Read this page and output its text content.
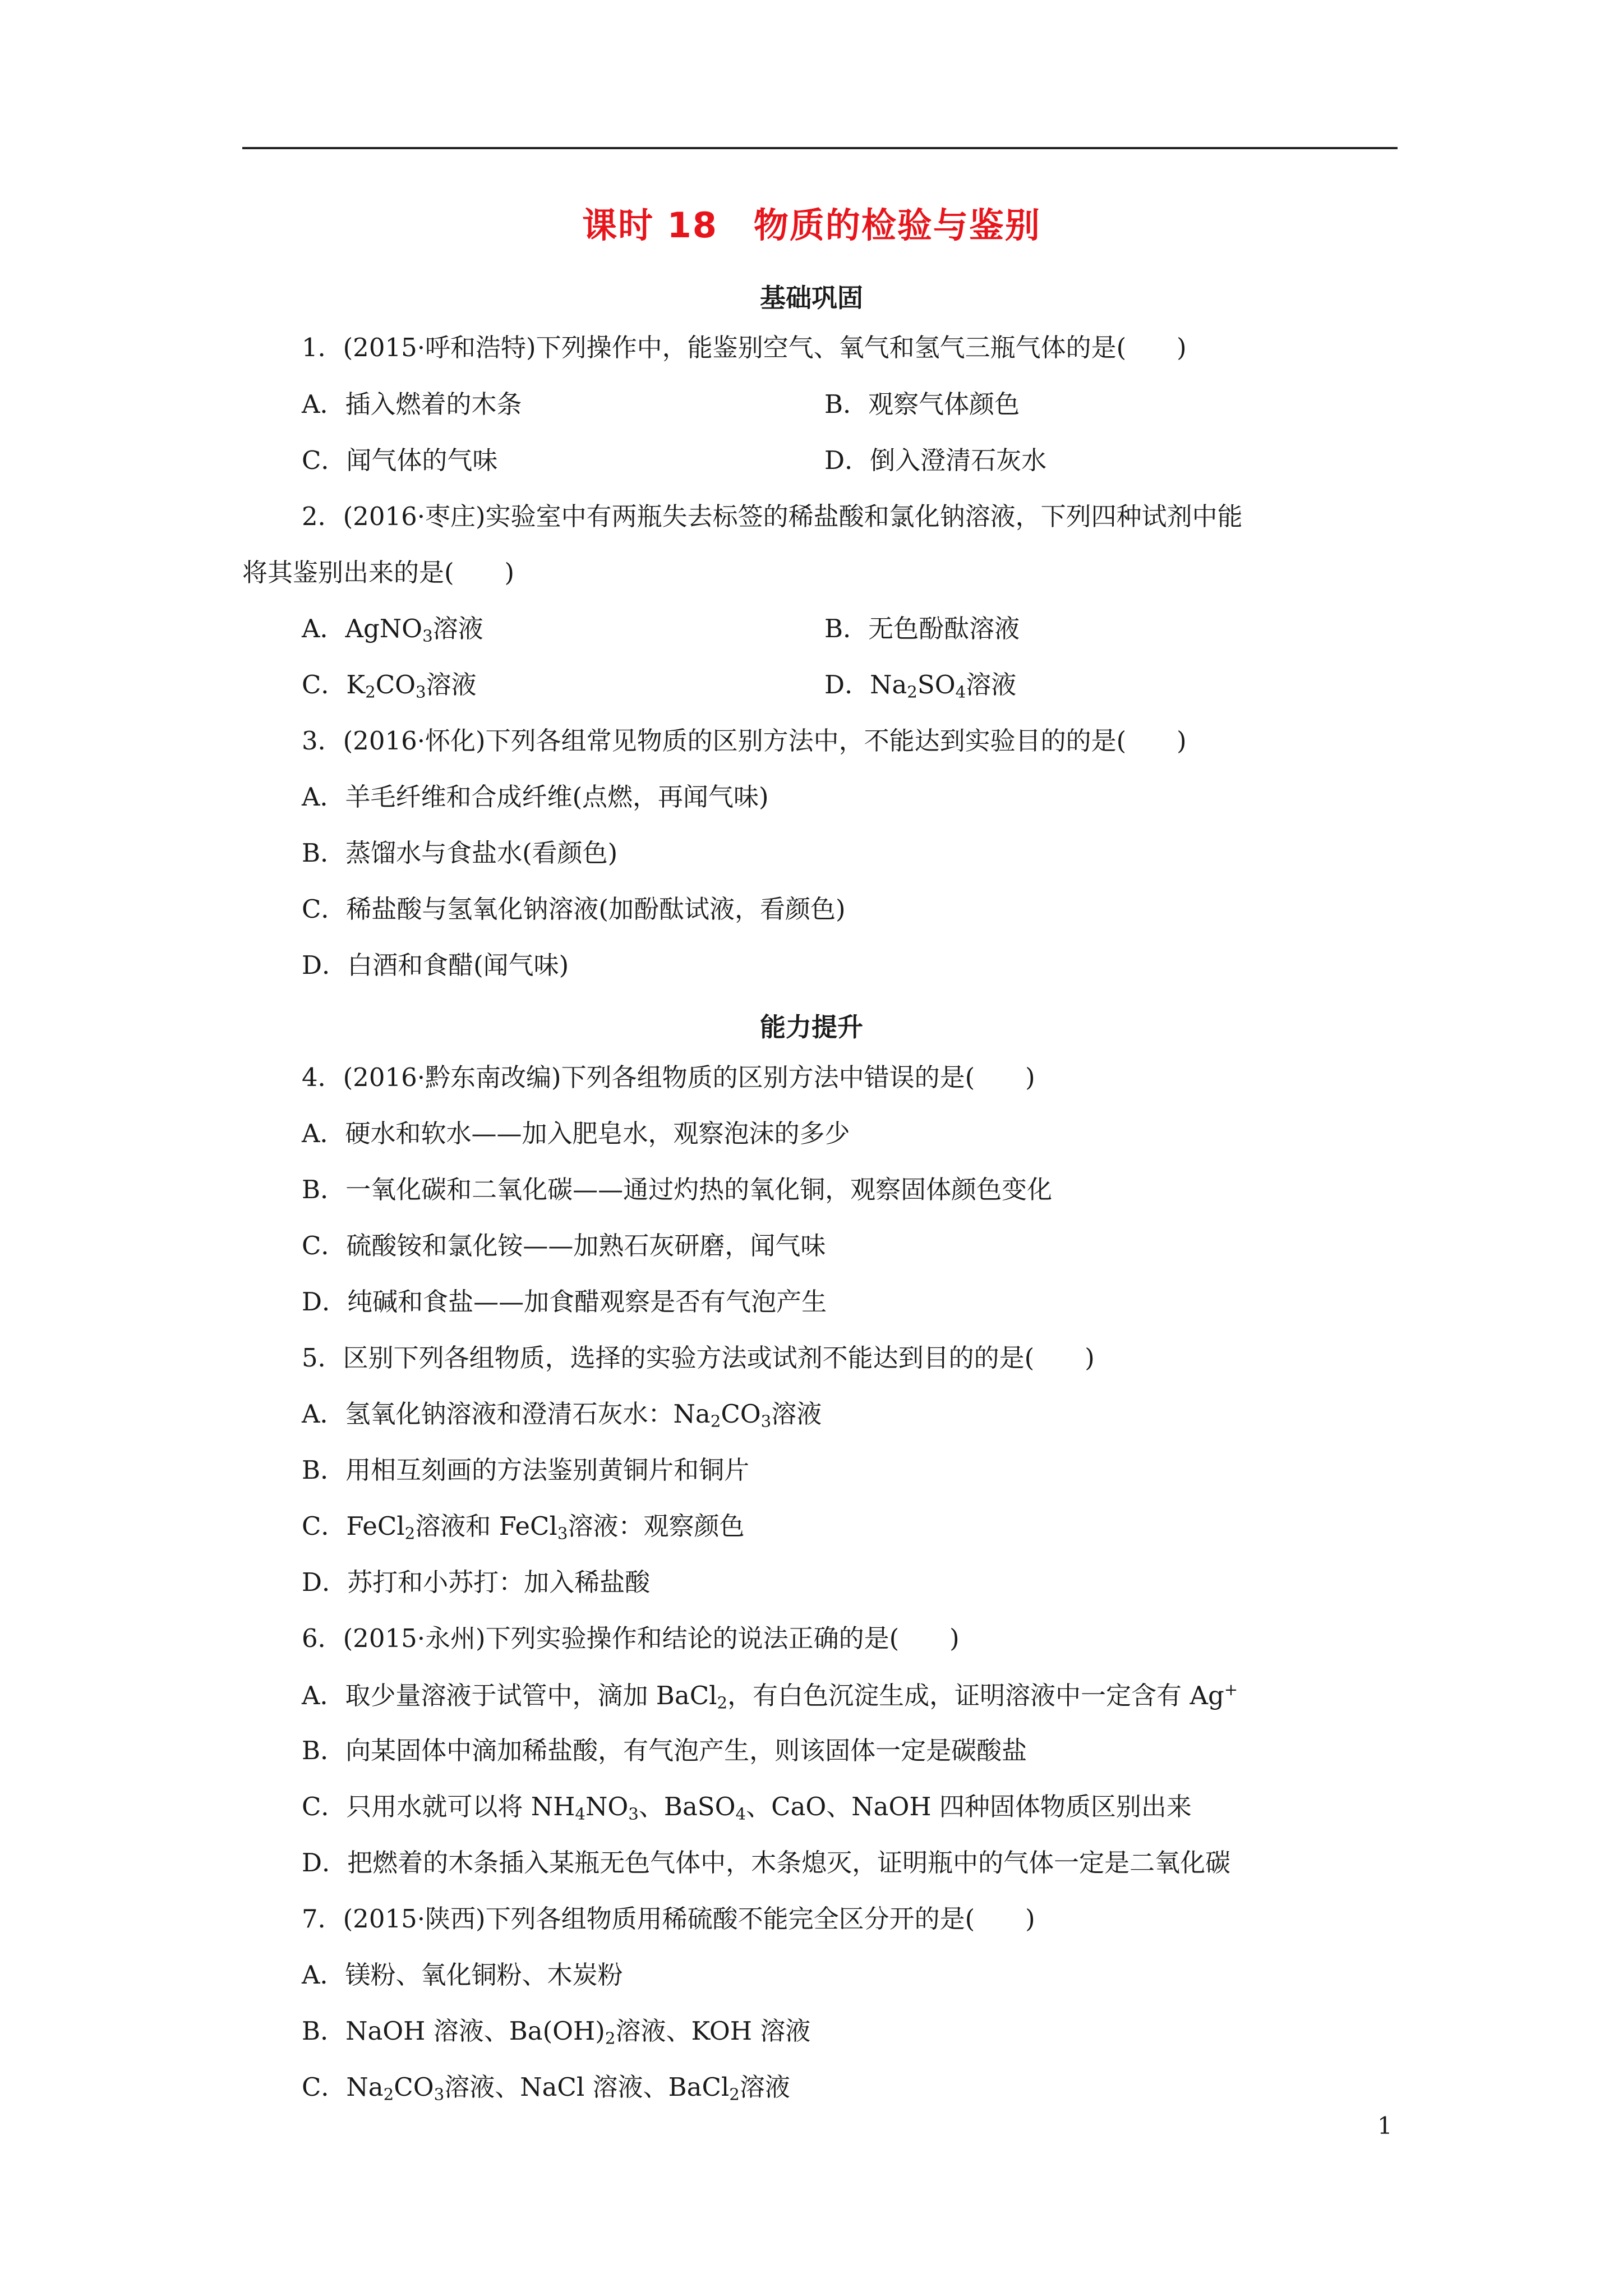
课时 18　物质的检验与鉴别
基础巩固
1．(2015·呼和浩特)下列操作中，能鉴别空气、氧气和氢气三瓶气体的是(　　)
A．插入燃着的木条	B．观察气体颜色
C．闻气体的气味	D．倒入澄清石灰水
2．(2016·枣庄)实验室中有两瓶失去标签的稀盐酸和氯化钠溶液，下列四种试剂中能
将其鉴别出来的是(　　)
A．AgNO$_3$溶液	B．无色酚酞溶液
C．$K_2CO_3$溶液	D．$Na_2SO_4$溶液
3．(2016·怀化)下列各组常见物质的区别方法中，不能达到实验目的的是(　　)
A．羊毛纤维和合成纤维(点燃，再闻气味)
B．蒸馏水与食盐水(看颜色)
C．稀盐酸与氢氧化钠溶液(加酚酞试液，看颜色)
D．白酒和食醋(闻气味)
能力提升
4．(2016·黔东南改编)下列各组物质的区别方法中错误的是(　　)
A．硬水和软水——加入肥皂水，观察泡沫的多少
B．一氧化碳和二氧化碳——通过灼热的氧化铜，观察固体颜色变化
C．硫酸铵和氯化铵——加熟石灰研磨，闻气味
D．纯碱和食盐——加食醋观察是否有气泡产生
5．区别下列各组物质，选择的实验方法或试剂不能达到目的的是(　　)
A．氢氧化钠溶液和澄清石灰水：$Na_2CO_3$溶液
B．用相互刻画的方法鉴别黄铜片和铜片
C．FeCl$_2$溶液和 FeCl$_3$溶液：观察颜色
D．苏打和小苏打：加入稀盐酸
6．(2015·永州)下列实验操作和结论的说法正确的是(　　)
A．取少量溶液于试管中，滴加 BaCl$_2$，有白色沉淀生成，证明溶液中一定含有 Ag+
B．向某固体中滴加稀盐酸，有气泡产生，则该固体一定是碳酸盐
C．只用水就可以将 $NH_4NO_3$、BaSO$_4$、CaO、NaOH 四种固体物质区别出来
D．把燃着的木条插入某瓶无色气体中，木条熄灭，证明瓶中的气体一定是二氧化碳
7．(2015·陕西)下列各组物质用稀硫酸不能完全区分开的是(　　)
A．镁粉、氧化铜粉、木炭粉
B．NaOH 溶液、$Ba(OH)_2$溶液、KOH 溶液
C．$Na_2CO_3$溶液、NaCl 溶液、BaCl$_2$溶液
1
